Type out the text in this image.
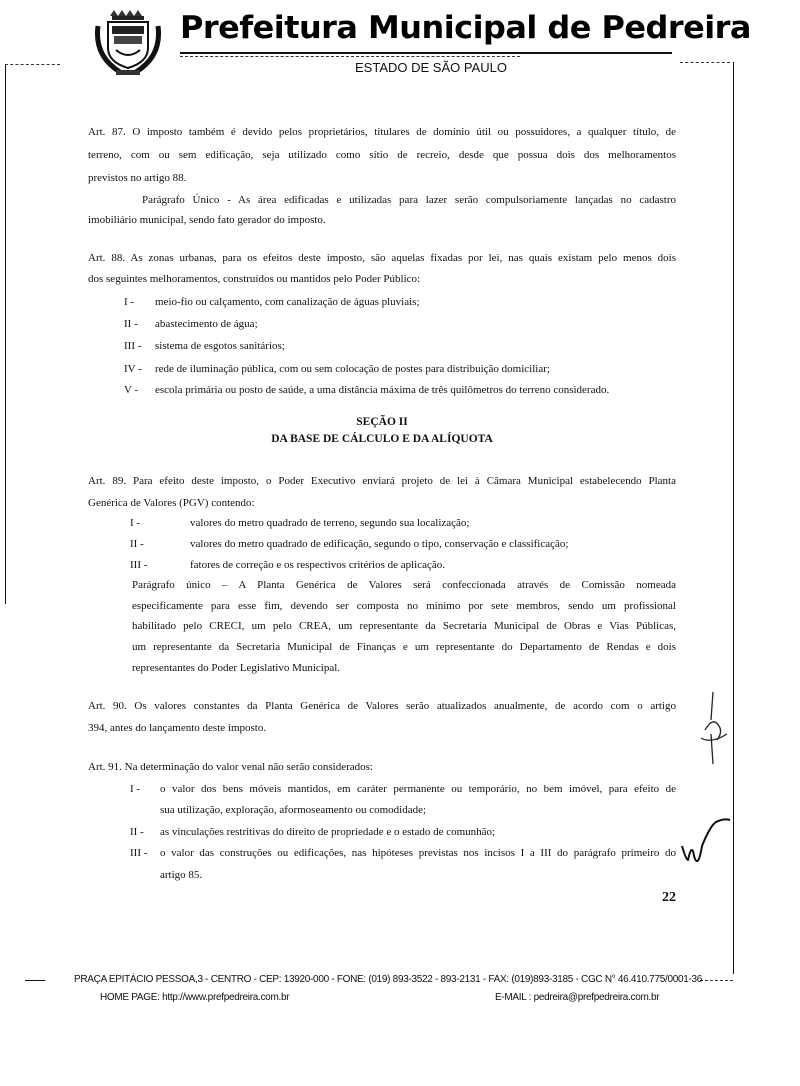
Prefeitura Municipal de Pedreira
ESTADO DE SÃO PAULO
Art. 87. O imposto também é devido pelos proprietários, titulares de domínio útil ou possuidores, a qualquer título, de
terreno, com ou sem edificação, seja utilizado como sítio de recreio, desde que possua dois dos melhoramentos
previstos no artigo 88.
Parágrafo Único - As área edificadas e utilizadas para lazer serão compulsoriamente lançadas no cadastro
imobiliário municipal, sendo fato gerador do imposto.
Art. 88. As zonas urbanas, para os efeitos deste imposto, são aquelas fixadas por lei, nas quais existam pelo menos dois
dos seguintes melhoramentos, construídos ou mantidos pelo Poder Público:
I - meio-fio ou calçamento, com canalização de águas pluviais;
II - abastecimento de água;
III - sistema de esgotos sanitários;
IV - rede de iluminação pública, com ou sem colocação de postes para distribuição domiciliar;
V - escola primária ou posto de saúde, a uma distância máxima de três quilômetros do terreno considerado.
SEÇÃO II
DA BASE DE CÁLCULO E DA ALÍQUOTA
Art. 89. Para efeito deste imposto, o Poder Executivo enviará projeto de lei à Câmara Municipal estabelecendo Planta
Genérica de Valores (PGV) contendo:
I -	valores do metro quadrado de terreno, segundo sua localização;
II -	valores do metro quadrado de edificação, segundo o tipo, conservação e classificação;
III -	fatores de correção e os respectivos critérios de aplicação.
Parágrafo único – A Planta Genérica de Valores será confeccionada através de Comissão nomeada
especificamente para esse fim, devendo ser composta no mínimo por sete membros, sendo um profissional
habilitado pelo CRECI, um pelo CREA, um representante da Secretaria Municipal de Obras e Vias Públicas,
um representante da Secretaria Municipal de Finanças e um representante do Departamento de Rendas e dois
representantes do Poder Legislativo Municipal.
Art. 90. Os valores constantes da Planta Genérica de Valores serão atualizados anualmente, de acordo com o artigo
394, antes do lançamento deste imposto.
Art. 91. Na determinação do valor venal não serão considerados:
I - o valor dos bens móveis mantidos, em caráter permanente ou temporário, no bem imóvel, para efeito de
sua utilização, exploração, aformoseamento ou comodidade;
II - as vinculações restritivas do direito de propriedade e o estado de comunhão;
III - o valor das construções ou edificações, nas hipóteses previstas nos incisos I a III do parágrafo primeiro do
artigo 85.
22
PRAÇA EPITÁCIO PESSOA,3 - CENTRO - CEP: 13920-000 - FONE: (019) 893-3522 - 893-2131 - FAX: (019)893-3185 - CGC N° 46.410.775/0001-36
HOME PAGE: http://www.prefpedreira.com.br	E-MAIL : pedreira@prefpedreira.com.br
